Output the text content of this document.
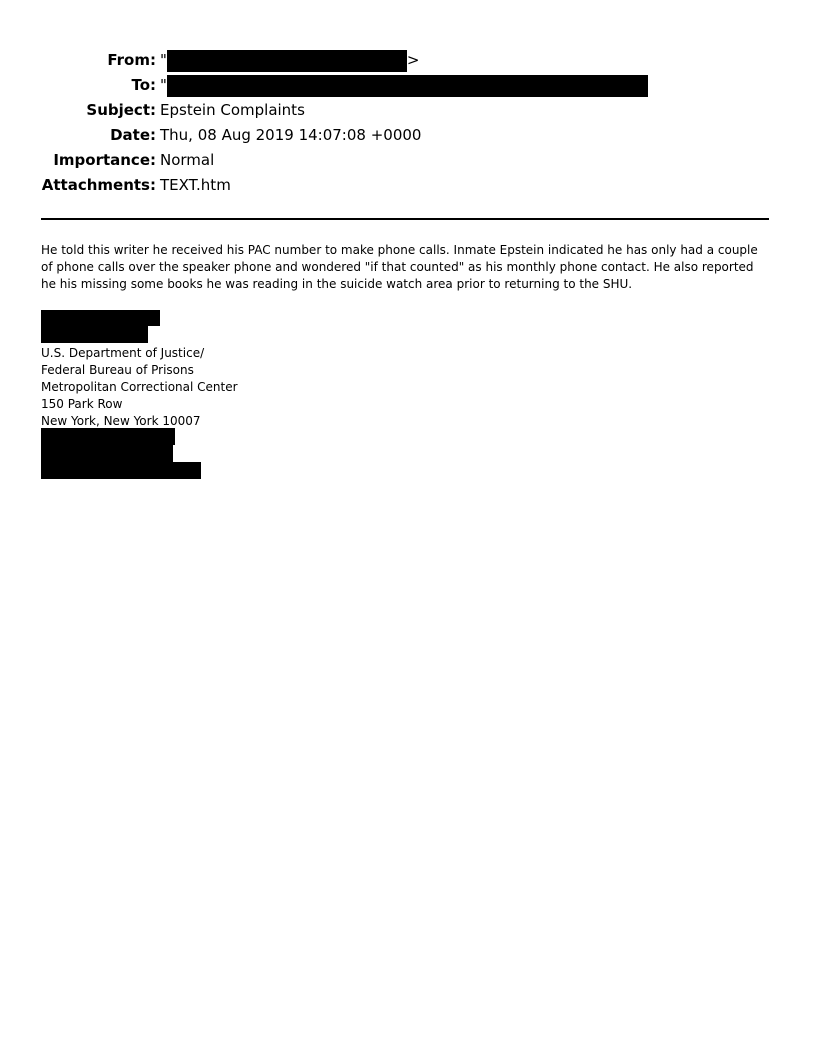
From: "	>
To: "
Subject: Epstein Complaints
Date: Thu, 08 Aug 2019 14:07:08 +0000
Importance: Normal
Attachments: TEXT.htm
He told this writer he received his PAC number to make phone calls. Inmate Epstein indicated he has only had a couple of phone calls over the speaker phone and wondered "if that counted" as his monthly phone contact. He also reported he his missing some books he was reading in the suicide watch area prior to returning to the SHU.
U.S. Department of Justice/
Federal Bureau of Prisons
Metropolitan Correctional Center
150 Park Row
New York, New York 10007
